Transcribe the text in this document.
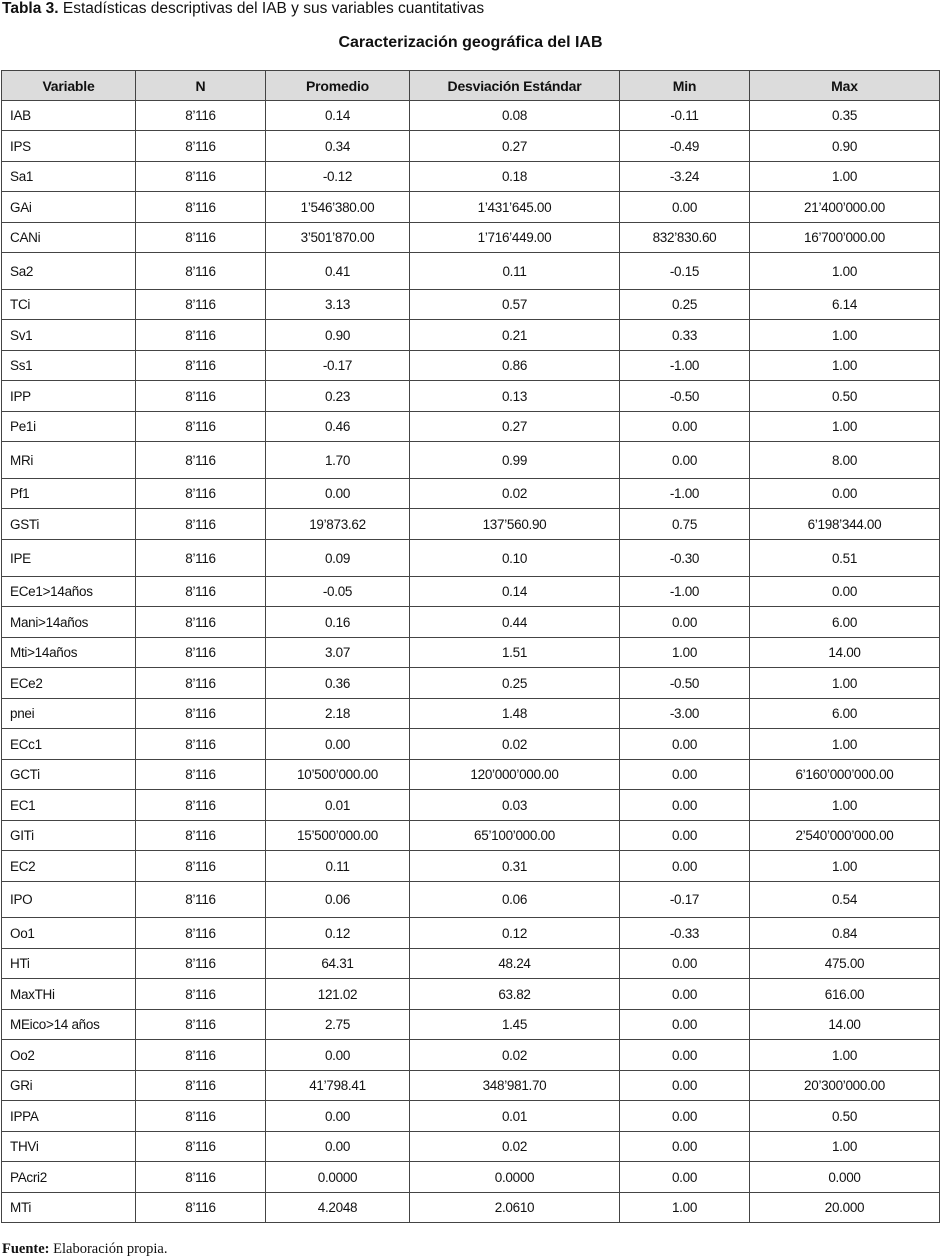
Tabla 3. Estadísticas descriptivas del IAB y sus variables cuantitativas
Caracterización geográfica del IAB
Variable	N	Promedio	Desviación Estándar	Min	Max
IAB	8’116	0.14	0.08	-0.11	0.35
IPS	8’116	0.34	0.27	-0.49	0.90
Sa1	8’116	-0.12	0.18	-3.24	1.00
GAi	8’116	1’546’380.00	1’431’645.00	0.00	21’400’000.00
CANi	8’116	3’501’870.00	1’716’449.00	832’830.60	16’700’000.00
Sa2	8’116	0.41	0.11	-0.15	1.00
TCi	8’116	3.13	0.57	0.25	6.14
Sv1	8’116	0.90	0.21	0.33	1.00
Ss1	8’116	-0.17	0.86	-1.00	1.00
IPP	8’116	0.23	0.13	-0.50	0.50
Pe1i	8’116	0.46	0.27	0.00	1.00
MRi	8’116	1.70	0.99	0.00	8.00
Pf1	8’116	0.00	0.02	-1.00	0.00
GSTi	8’116	19’873.62	137’560.90	0.75	6’198’344.00
IPE	8’116	0.09	0.10	-0.30	0.51
ECe1>14años	8’116	-0.05	0.14	-1.00	0.00
Mani>14años	8’116	0.16	0.44	0.00	6.00
Mti>14años	8’116	3.07	1.51	1.00	14.00
ECe2	8’116	0.36	0.25	-0.50	1.00
pnei	8’116	2.18	1.48	-3.00	6.00
ECc1	8’116	0.00	0.02	0.00	1.00
GCTi	8’116	10’500’000.00	120’000’000.00	0.00	6’160’000’000.00
EC1	8’116	0.01	0.03	0.00	1.00
GITi	8’116	15’500’000.00	65’100’000.00	0.00	2’540’000’000.00
EC2	8’116	0.11	0.31	0.00	1.00
IPO	8’116	0.06	0.06	-0.17	0.54
Oo1	8’116	0.12	0.12	-0.33	0.84
HTi	8’116	64.31	48.24	0.00	475.00
MaxTHi	8’116	121.02	63.82	0.00	616.00
MEico>14 años	8’116	2.75	1.45	0.00	14.00
Oo2	8’116	0.00	0.02	0.00	1.00
GRi	8’116	41’798.41	348’981.70	0.00	20’300’000.00
IPPA	8’116	0.00	0.01	0.00	0.50
THVi	8’116	0.00	0.02	0.00	1.00
PAcri2	8’116	0.0000	0.0000	0.00	0.000
MTi	8’116	4.2048	2.0610	1.00	20.000
Fuente: Elaboración propia.
